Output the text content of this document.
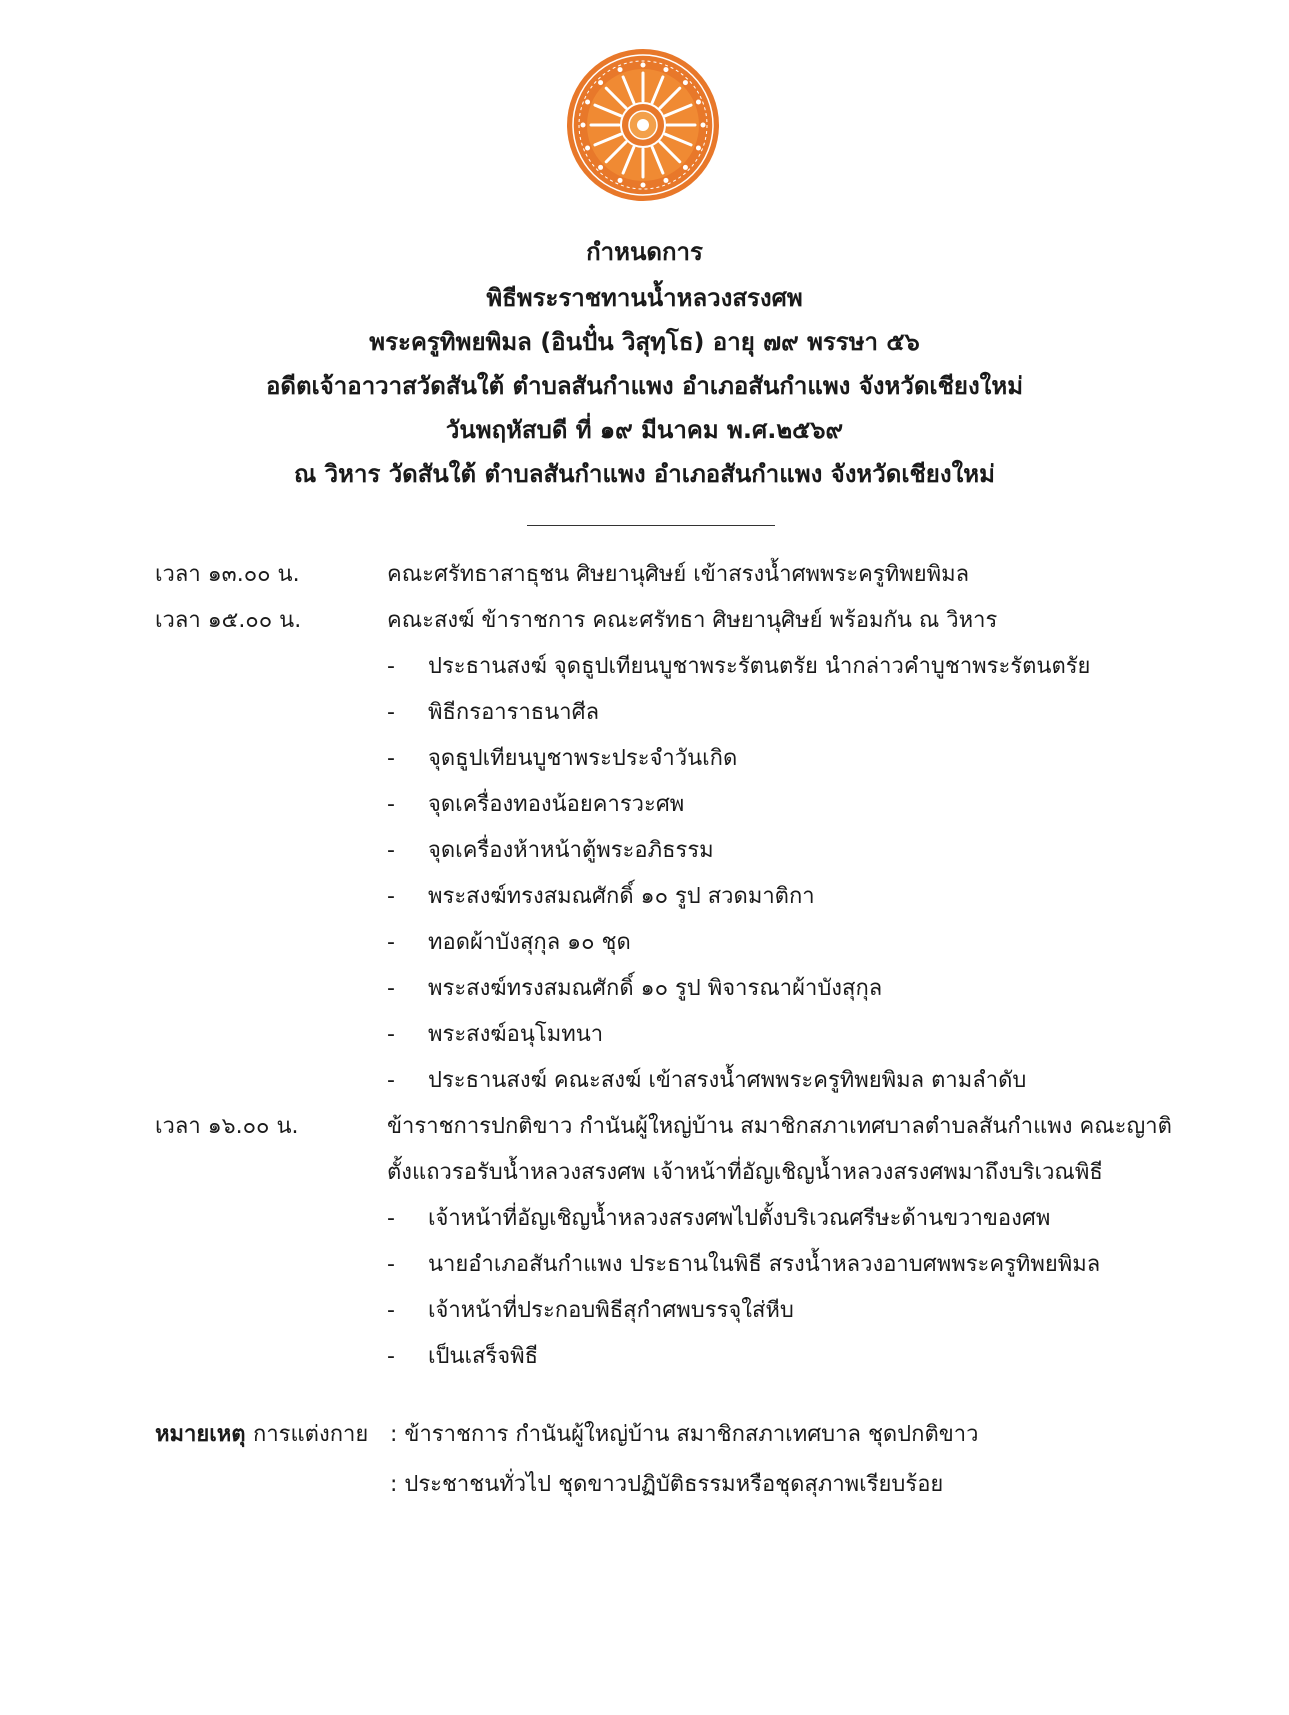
กำหนดการ
พิธีพระราชทานน้ำหลวงสรงศพ
พระครูทิพยพิมล (อินปั๋น วิสุทฺโธ) อายุ ๗๙ พรรษา ๕๖
อดีตเจ้าอาวาสวัดสันใต้ ตำบลสันกำแพง อำเภอสันกำแพง จังหวัดเชียงใหม่
วันพฤหัสบดี ที่ ๑๙ มีนาคม พ.ศ.๒๕๖๙
ณ วิหาร วัดสันใต้ ตำบลสันกำแพง อำเภอสันกำแพง จังหวัดเชียงใหม่
เวลา ๑๓.๐๐ น.	คณะศรัทธาสาธุชน ศิษยานุศิษย์ เข้าสรงน้ำศพพระครูทิพยพิมล
เวลา ๑๕.๐๐ น.	คณะสงฆ์ ข้าราชการ คณะศรัทธา ศิษยานุศิษย์ พร้อมกัน ณ วิหาร
- ประธานสงฆ์ จุดธูปเทียนบูชาพระรัตนตรัย นำกล่าวคำบูชาพระรัตนตรัย
- พิธีกรอาราธนาศีล
- จุดธูปเทียนบูชาพระประจำวันเกิด
- จุดเครื่องทองน้อยคารวะศพ
- จุดเครื่องห้าหน้าตู้พระอภิธรรม
- พระสงฆ์ทรงสมณศักดิ์ ๑๐ รูป สวดมาติกา
- ทอดผ้าบังสุกุล ๑๐ ชุด
- พระสงฆ์ทรงสมณศักดิ์ ๑๐ รูป พิจารณาผ้าบังสุกุล
- พระสงฆ์อนุโมทนา
- ประธานสงฆ์ คณะสงฆ์ เข้าสรงน้ำศพพระครูทิพยพิมล ตามลำดับ
เวลา ๑๖.๐๐ น.	ข้าราชการปกติขาว กำนันผู้ใหญ่บ้าน สมาชิกสภาเทศบาลตำบลสันกำแพง คณะญาติ
ตั้งแถวรอรับน้ำหลวงสรงศพ เจ้าหน้าที่อัญเชิญน้ำหลวงสรงศพมาถึงบริเวณพิธี
- เจ้าหน้าที่อัญเชิญน้ำหลวงสรงศพไปตั้งบริเวณศรีษะด้านขวาของศพ
- นายอำเภอสันกำแพง ประธานในพิธี สรงน้ำหลวงอาบศพพระครูทิพยพิมล
- เจ้าหน้าที่ประกอบพิธีสุกำศพบรรจุใส่หีบ
- เป็นเสร็จพิธี
หมายเหตุ การแต่งกาย : ข้าราชการ กำนันผู้ใหญ่บ้าน สมาชิกสภาเทศบาล ชุดปกติขาว
: ประชาชนทั่วไป ชุดขาวปฏิบัติธรรมหรือชุดสุภาพเรียบร้อย
